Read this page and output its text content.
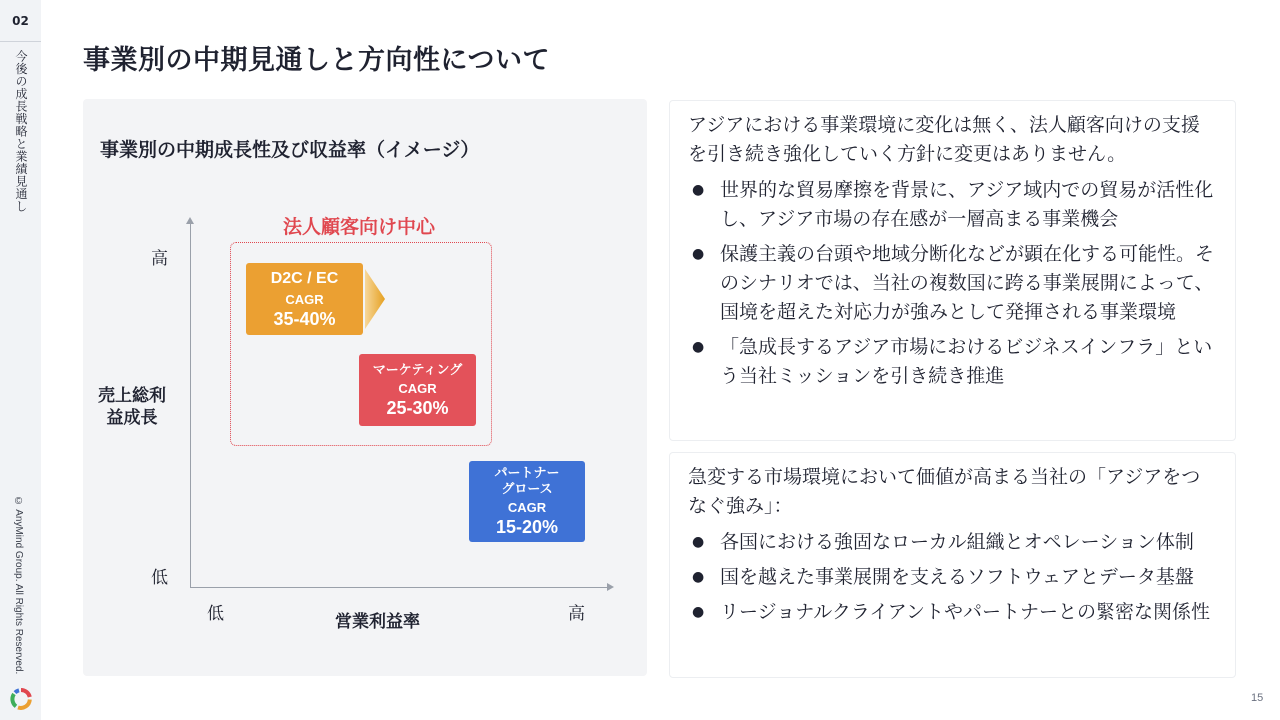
02
今後の成長戦略と業績見通し
© AnyMind Group. All Rights Reserved.
事業別の中期見通しと方向性について
事業別の中期成長性及び収益率（イメージ）
高
低
売上総利益成長
低	高
営業利益率
法人顧客向け中心
D2C / EC
CAGR
35-40%
マーケティング
CAGR
25-30%
パートナー
グロース
CAGR
15-20%

アジアにおける事業環境に変化は無く、法人顧客向けの支援を引き続き強化していく方針に変更はありません。

● 世界的な貿易摩擦を背景に、アジア域内での貿易が活性化し、アジア市場の存在感が一層高まる事業機会
● 保護主義の台頭や地域分断化などが顕在化する可能性。そのシナリオでは、当社の複数国に跨る事業展開によって、国境を超えた対応力が強みとして発揮される事業環境
● 「急成長するアジア市場におけるビジネスインフラ」という当社ミッションを引き続き推進

急変する市場環境において価値が高まる当社の「アジアをつなぐ強み」：

● 各国における強固なローカル組織とオペレーション体制
● 国を越えた事業展開を支えるソフトウェアとデータ基盤
● リージョナルクライアントやパートナーとの緊密な関係性
15
